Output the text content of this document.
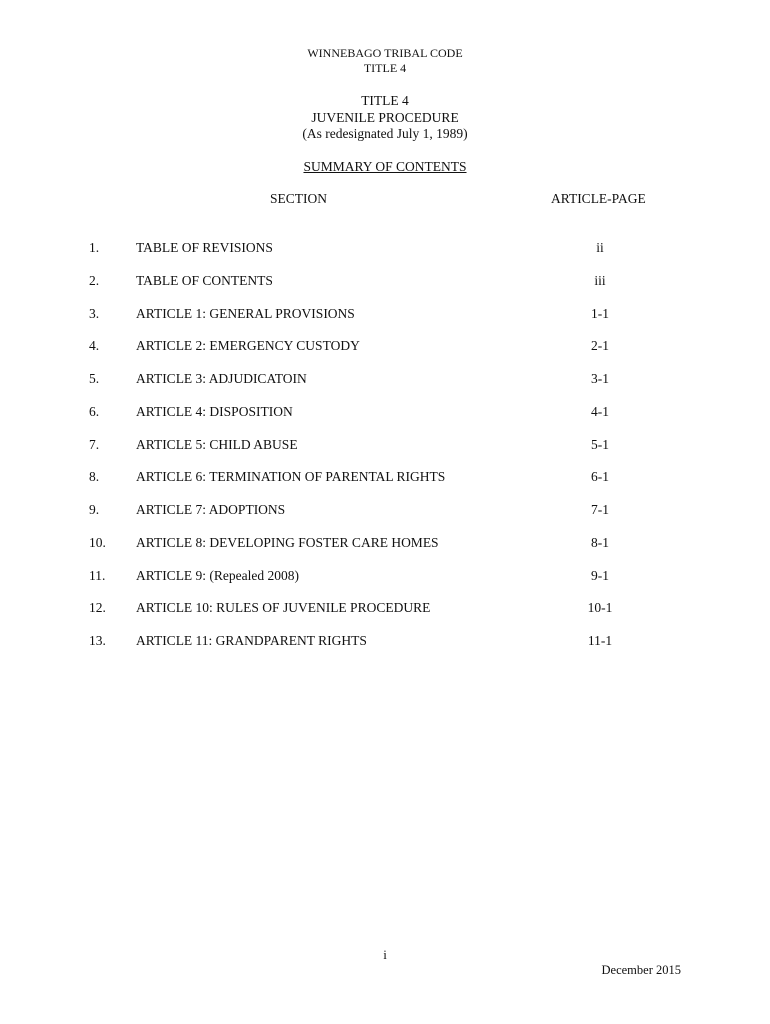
WINNEBAGO TRIBAL CODE
TITLE 4
TITLE 4
JUVENILE PROCEDURE
(As redesignated July 1, 1989)
SUMMARY OF CONTENTS
SECTION	ARTICLE-PAGE
1.	TABLE OF REVISIONS	ii
2.	TABLE OF CONTENTS	iii
3.	ARTICLE 1: GENERAL PROVISIONS	1-1
4.	ARTICLE 2: EMERGENCY CUSTODY	2-1
5.	ARTICLE 3: ADJUDICATOIN	3-1
6.	ARTICLE 4: DISPOSITION	4-1
7.	ARTICLE 5: CHILD ABUSE	5-1
8.	ARTICLE 6: TERMINATION OF PARENTAL RIGHTS	6-1
9.	ARTICLE 7: ADOPTIONS	7-1
10. ARTICLE 8: DEVELOPING FOSTER CARE HOMES	8-1
11. ARTICLE 9: (Repealed 2008)	9-1
12. ARTICLE 10: RULES OF JUVENILE PROCEDURE	10-1
13. ARTICLE 11: GRANDPARENT RIGHTS	11-1
i
December 2015
